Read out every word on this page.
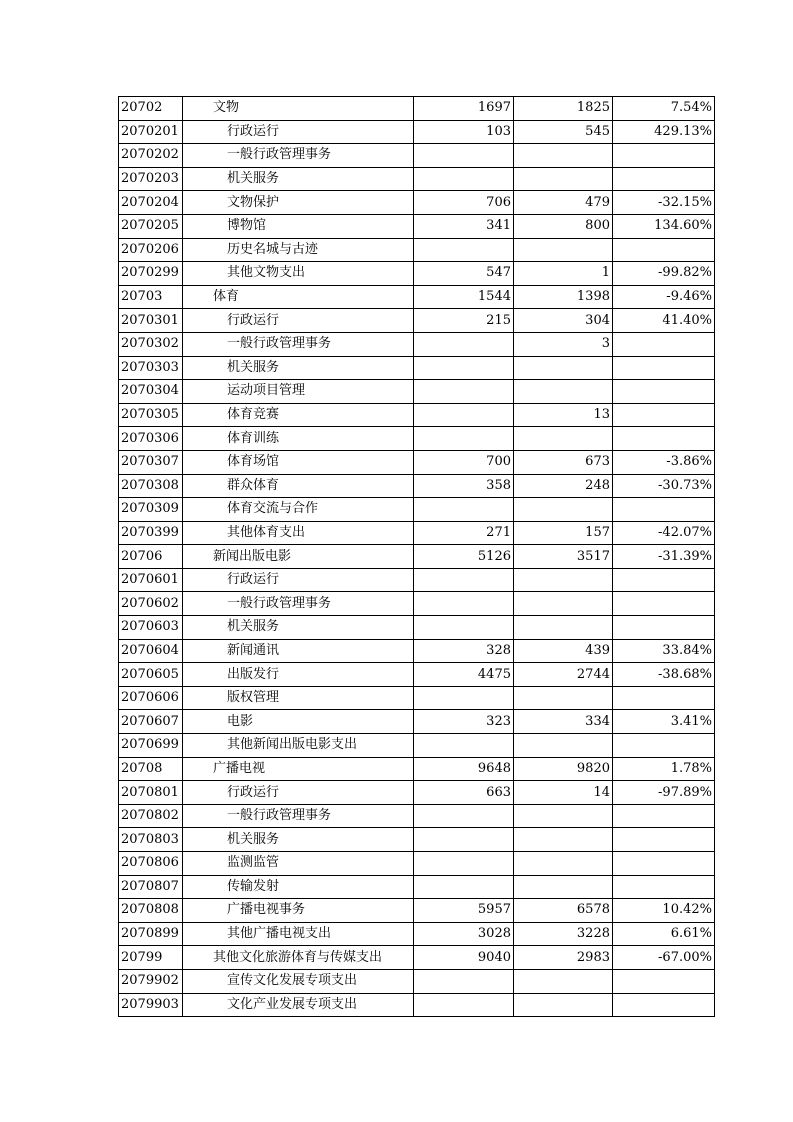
20702	文物	1697	1825	7.54%
2070201	行政运行	103	545	429.13%
2070202	一般行政管理事务			
2070203	机关服务			
2070204	文物保护	706	479	-32.15%
2070205	博物馆	341	800	134.60%
2070206	历史名城与古迹			
2070299	其他文物支出	547	1	-99.82%
20703	体育	1544	1398	-9.46%
2070301	行政运行	215	304	41.40%
2070302	一般行政管理事务		3	
2070303	机关服务			
2070304	运动项目管理			
2070305	体育竞赛		13	
2070306	体育训练			
2070307	体育场馆	700	673	-3.86%
2070308	群众体育	358	248	-30.73%
2070309	体育交流与合作			
2070399	其他体育支出	271	157	-42.07%
20706	新闻出版电影	5126	3517	-31.39%
2070601	行政运行			
2070602	一般行政管理事务			
2070603	机关服务			
2070604	新闻通讯	328	439	33.84%
2070605	出版发行	4475	2744	-38.68%
2070606	版权管理			
2070607	电影	323	334	3.41%
2070699	其他新闻出版电影支出			
20708	广播电视	9648	9820	1.78%
2070801	行政运行	663	14	-97.89%
2070802	一般行政管理事务			
2070803	机关服务			
2070806	监测监管			
2070807	传输发射			
2070808	广播电视事务	5957	6578	10.42%
2070899	其他广播电视支出	3028	3228	6.61%
20799	其他文化旅游体育与传媒支出	9040	2983	-67.00%
2079902	宣传文化发展专项支出			
2079903	文化产业发展专项支出			
